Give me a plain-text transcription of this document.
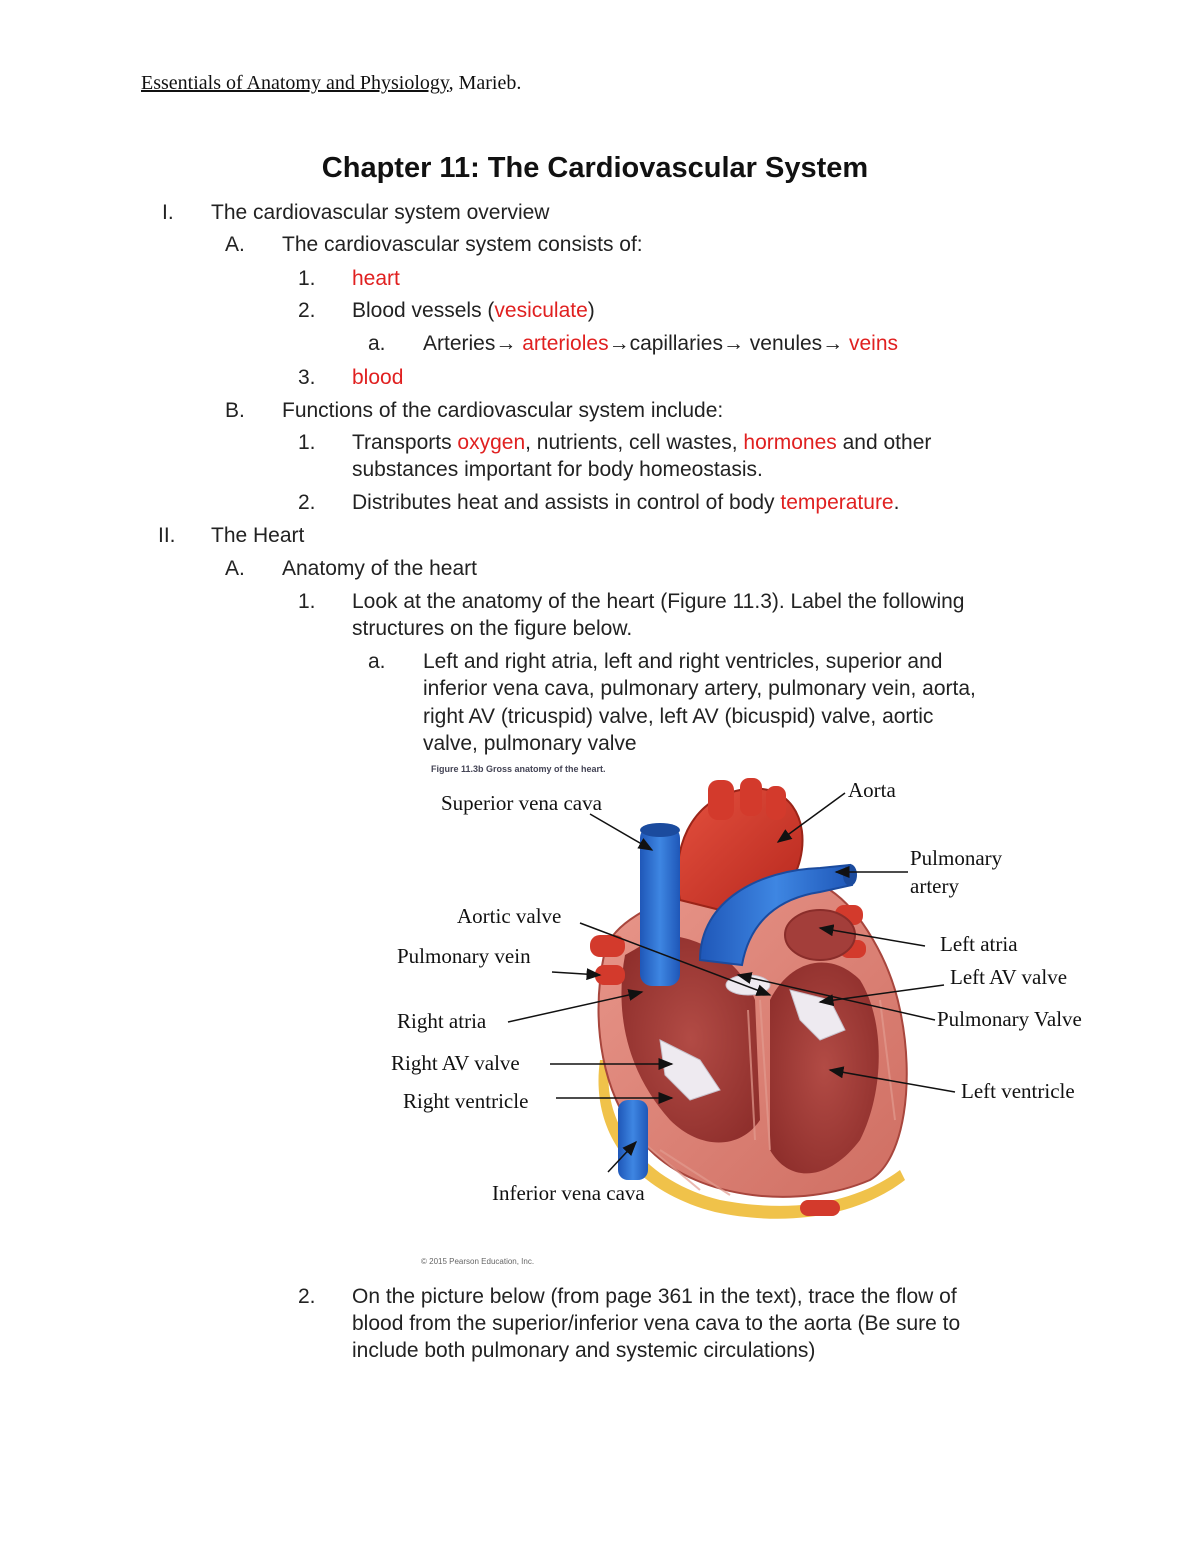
Essentials of Anatomy and Physiology, Marieb.
Chapter 11: The Cardiovascular System
I. The cardiovascular system overview
A. The cardiovascular system consists of:
1. heart
2. Blood vessels (vesiculate)
a. Arteries→ arterioles→capillaries→ venules→ veins
3. blood
B. Functions of the cardiovascular system include:
1. Transports oxygen, nutrients, cell wastes, hormones and other
substances important for body homeostasis.
2. Distributes heat and assists in control of body temperature.
II. The Heart
A. Anatomy of the heart
1. Look at the anatomy of the heart (Figure 11.3). Label the following
structures on the figure below.
a. Left and right atria, left and right ventricles, superior and
inferior vena cava, pulmonary artery, pulmonary vein, aorta,
right AV (tricuspid) valve, left AV (bicuspid) valve, aortic
valve, pulmonary valve
Figure 11.3b Gross anatomy of the heart.
Superior vena cava
Aorta
Pulmonary
artery
Aortic valve
Pulmonary vein	Left atria
Left AV valve
Right atria	Pulmonary Valve
Right AV valve
Left ventricle
Right ventricle
Inferior vena cava
© 2015 Pearson Education, Inc.
2. On the picture below (from page 361 in the text), trace the flow of
blood from the superior/inferior vena cava to the aorta (Be sure to
include both pulmonary and systemic circulations)
